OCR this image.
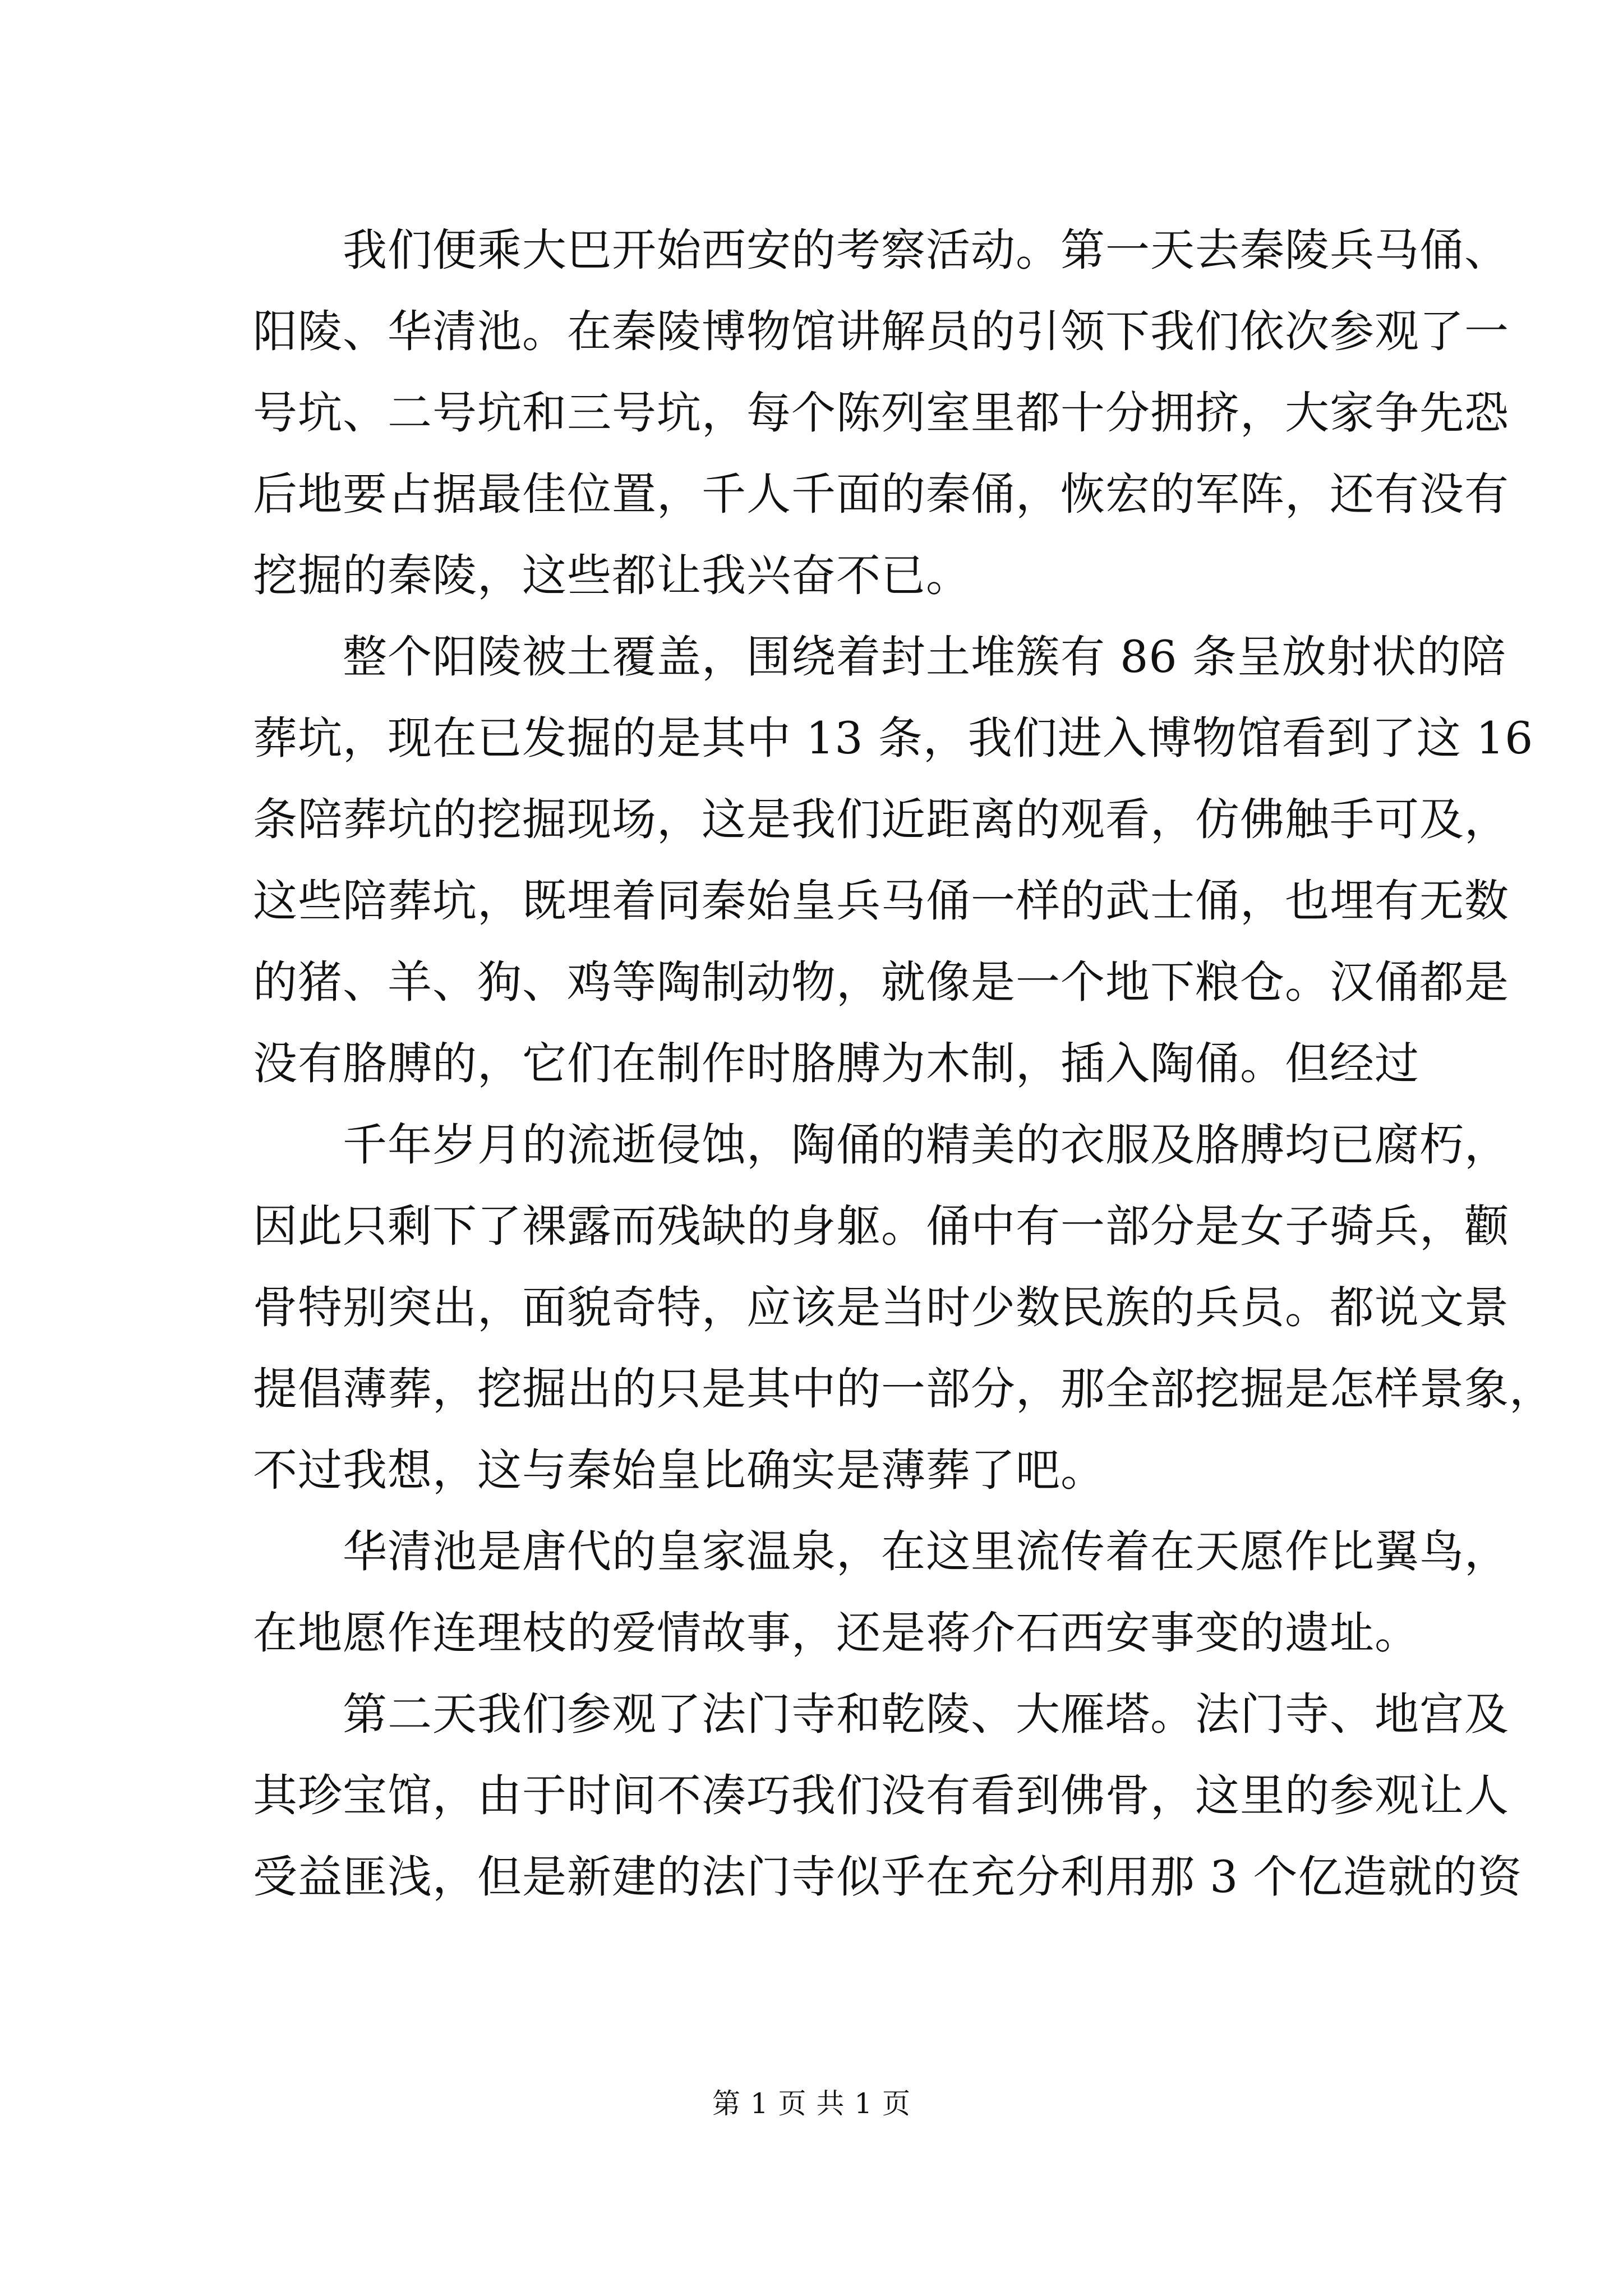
我们便乘大巴开始西安的考察活动。第一天去秦陵兵马俑、
阳陵、华清池。在秦陵博物馆讲解员的引领下我们依次参观了一
号坑、二号坑和三号坑，每个陈列室里都十分拥挤，大家争先恐
后地要占据最佳位置，千人千面的秦俑，恢宏的军阵，还有没有
挖掘的秦陵，这些都让我兴奋不已。
整个阳陵被土覆盖，围绕着封土堆簇有 86 条呈放射状的陪
葬坑，现在已发掘的是其中 13 条，我们进入博物馆看到了这 16
条陪葬坑的挖掘现场，这是我们近距离的观看，仿佛触手可及，
这些陪葬坑，既埋着同秦始皇兵马俑一样的武士俑，也埋有无数
的猪、羊、狗、鸡等陶制动物，就像是一个地下粮仓。汉俑都是
没有胳膊的，它们在制作时胳膊为木制，插入陶俑。但经过
千年岁月的流逝侵蚀，陶俑的精美的衣服及胳膊均已腐朽，
因此只剩下了裸露而残缺的身躯。俑中有一部分是女子骑兵，颧
骨特别突出，面貌奇特，应该是当时少数民族的兵员。都说文景
提倡薄葬，挖掘出的只是其中的一部分，那全部挖掘是怎样景象，
不过我想，这与秦始皇比确实是薄葬了吧。
华清池是唐代的皇家温泉，在这里流传着在天愿作比翼鸟，
在地愿作连理枝的爱情故事，还是蒋介石西安事变的遗址。
第二天我们参观了法门寺和乾陵、大雁塔。法门寺、地宫及
其珍宝馆，由于时间不凑巧我们没有看到佛骨，这里的参观让人
受益匪浅，但是新建的法门寺似乎在充分利用那 3 个亿造就的资
第 1 页 共 1 页
